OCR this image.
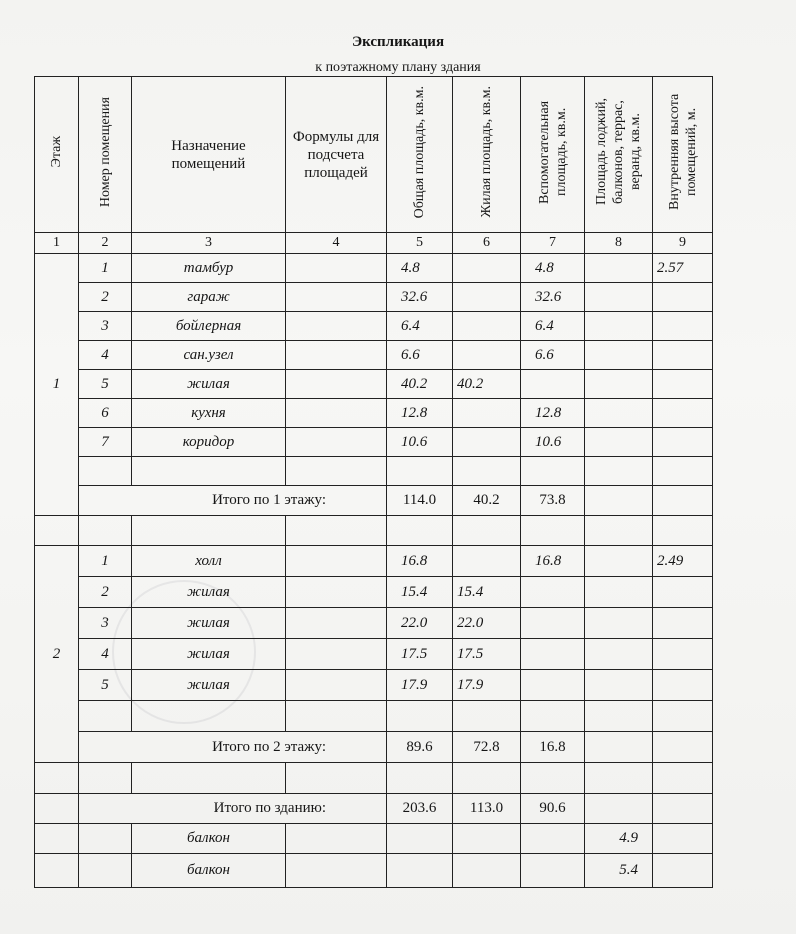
Экспликация
к поэтажному плану здания
Этаж	Номер помещения	Назначение помещений	Формулы для подсчета площадей	Общая площадь, кв.м.	Жилая площадь, кв.м.	Вспомогательная площадь, кв.м.	Площадь лоджий, балконов, террас, веранд, кв.м.	Внутренняя высота помещений, м.
1	2	3	4	5	6	7	8	9
1	1	тамбур		4.8		4.8		2.57
	2	гараж		32.6		32.6		
	3	бойлерная		6.4		6.4		
	4	сан.узел		6.6		6.6		
	5	жилая		40.2	40.2			
	6	кухня		12.8		12.8		
	7	коридор		10.6		10.6		

	Итого по 1 этажу:			114.0	40.2	73.8		

2	1	холл		16.8		16.8		2.49
	2	жилая		15.4	15.4			
	3	жилая		22.0	22.0			
	4	жилая		17.5	17.5			
	5	жилая		17.9	17.9			

	Итого по 2 этажу:			89.6	72.8	16.8		

	Итого по зданию:			203.6	113.0	90.6		
		балкон					4.9	
		балкон					5.4	
